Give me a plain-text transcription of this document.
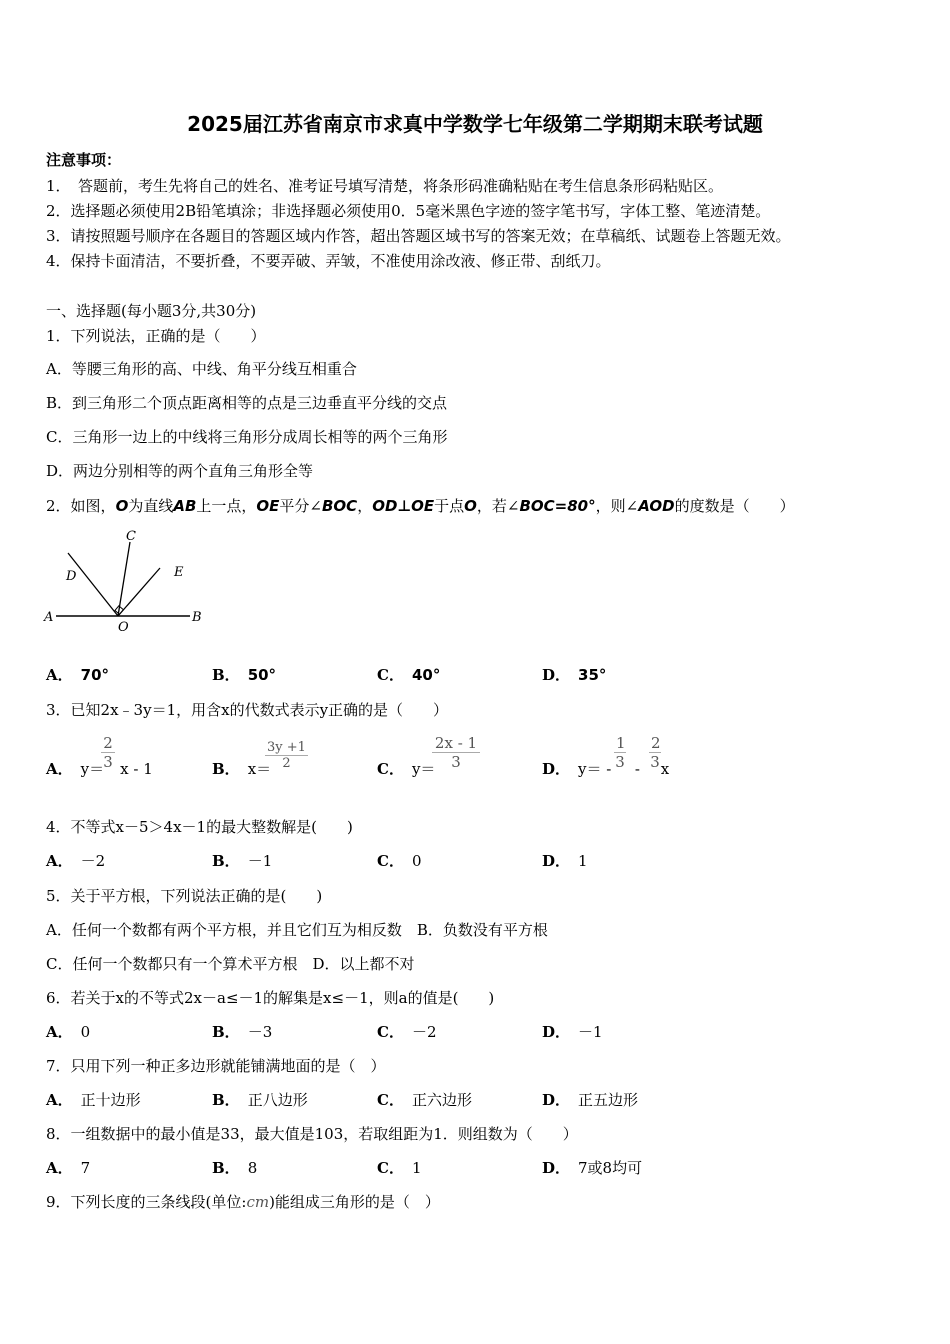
2025届江苏省南京市求真中学数学七年级第二学期期末联考试题
注意事项：
1．　答题前，考生先将自己的姓名、准考证号填写清楚，将条形码准确粘贴在考生信息条形码粘贴区。
2．选择题必须使用2B铅笔填涂；非选择题必须使用0．5毫米黑色字迹的签字笔书写，字体工整、笔迹清楚。
3．请按照题号顺序在各题目的答题区域内作答，超出答题区域书写的答案无效；在草稿纸、试题卷上答题无效。
4．保持卡面清洁，不要折叠，不要弄破、弄皱，不准使用涂改液、修正带、刮纸刀。
一、选择题(每小题3分,共30分)
1．下列说法，正确的是（　　）
A．等腰三角形的高、中线、角平分线互相重合
B．到三角形二个顶点距离相等的点是三边垂直平分线的交点
C．三角形一边上的中线将三角形分成周长相等的两个三角形
D．两边分别相等的两个直角三角形全等
2．如图，O为直线AB上一点，OE平分∠BOC，OD⊥OE于点O，若∠BOC=80°，则∠AOD的度数是（　　）
A	B
C
D	E
O
A． 70°	B． 50°	C． 40°	D． 35°
3．已知2x﹣3y＝1，用含x的代数式表示y正确的是（　　）
A． y＝ x - 1
$\frac{2}{3}$	B． x＝
$\frac{3y +1}{2}$	C． y＝
$\frac{2x - 1}{3}$	D． y＝ -  - x
$\frac{1}{3} \frac{2}{3}$
4．不等式x－5＞4x－1的最大整数解是(　　)
A． －2	B． －1	C． 0	D． 1
5．关于平方根，下列说法正确的是(　　)
A．任何一个数都有两个平方根，并且它们互为相反数　 B．负数没有平方根
C．任何一个数都只有一个算术平方根　 D．以上都不对
6．若关于x的不等式2x－a≤－1的解集是x≤－1，则a的值是(　　)
A． 0	B． －3	C． －2	D． －1
7．只用下列一种正多边形就能铺满地面的是（　）
A． 正十边形	B． 正八边形	C． 正六边形	D． 正五边形
8．一组数据中的最小值是33，最大值是103，若取组距为1．则组数为（　　）
A． 7	B． 8	C． 1	D． 7或8均可
9．下列长度的三条线段(单位:cm)能组成三角形的是（　）
